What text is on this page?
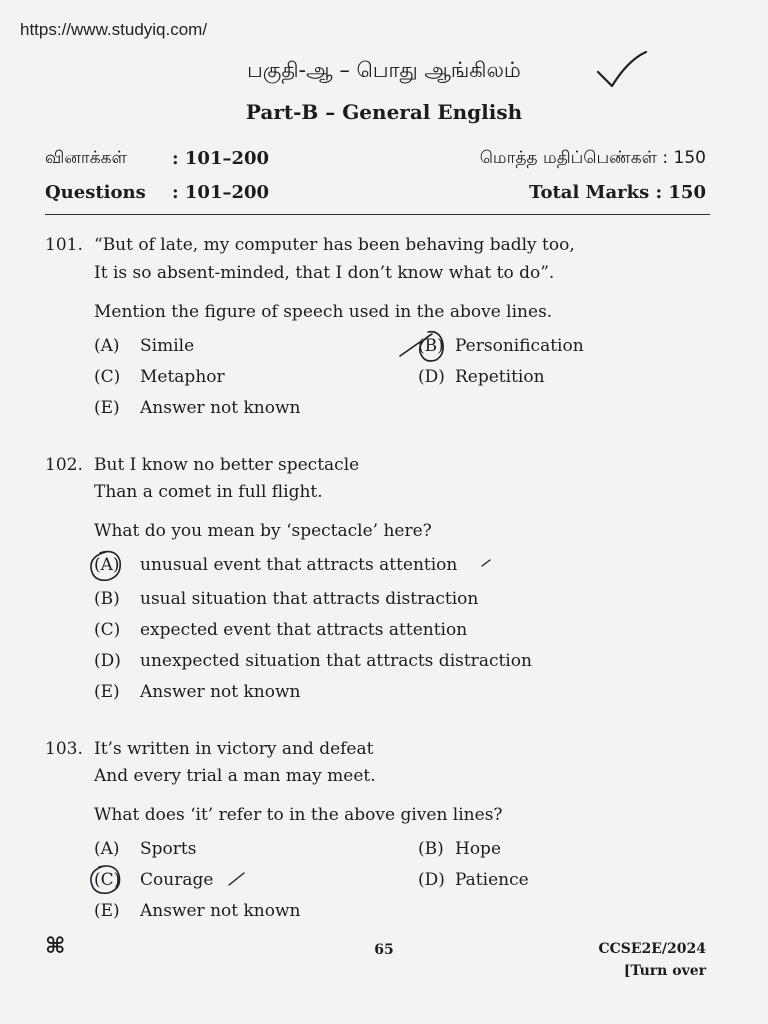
https://www.studyiq.com/
பகுதி-ஆ – பொது ஆங்கிலம்
Part-B – General English
வினாக்கள்	: 101–200	மொத்த மதிப்பெண்கள் : 150
Questions : 101–200	Total Marks : 150
101. “But of late, my computer has been behaving badly too,
It is so absent-minded, that I don’t know what to do”.
Mention the figure of speech used in the above lines.
(A) Simile	(B) Personification
(C) Metaphor	(D) Repetition
(E) Answer not known
102. But I know no better spectacle
Than a comet in full flight.
What do you mean by ‘spectacle’ here?
(A) unusual event that attracts attention
(B) usual situation that attracts distraction
(C) expected event that attracts attention
(D) unexpected situation that attracts distraction
(E) Answer not known
103. It’s written in victory and defeat
And every trial a man may meet.
What does ‘it’ refer to in the above given lines?
(A) Sports	(B) Hope
(C) Courage	(D) Patience
(E) Answer not known
⌘	65	CCSE2E/2024
[Turn over
